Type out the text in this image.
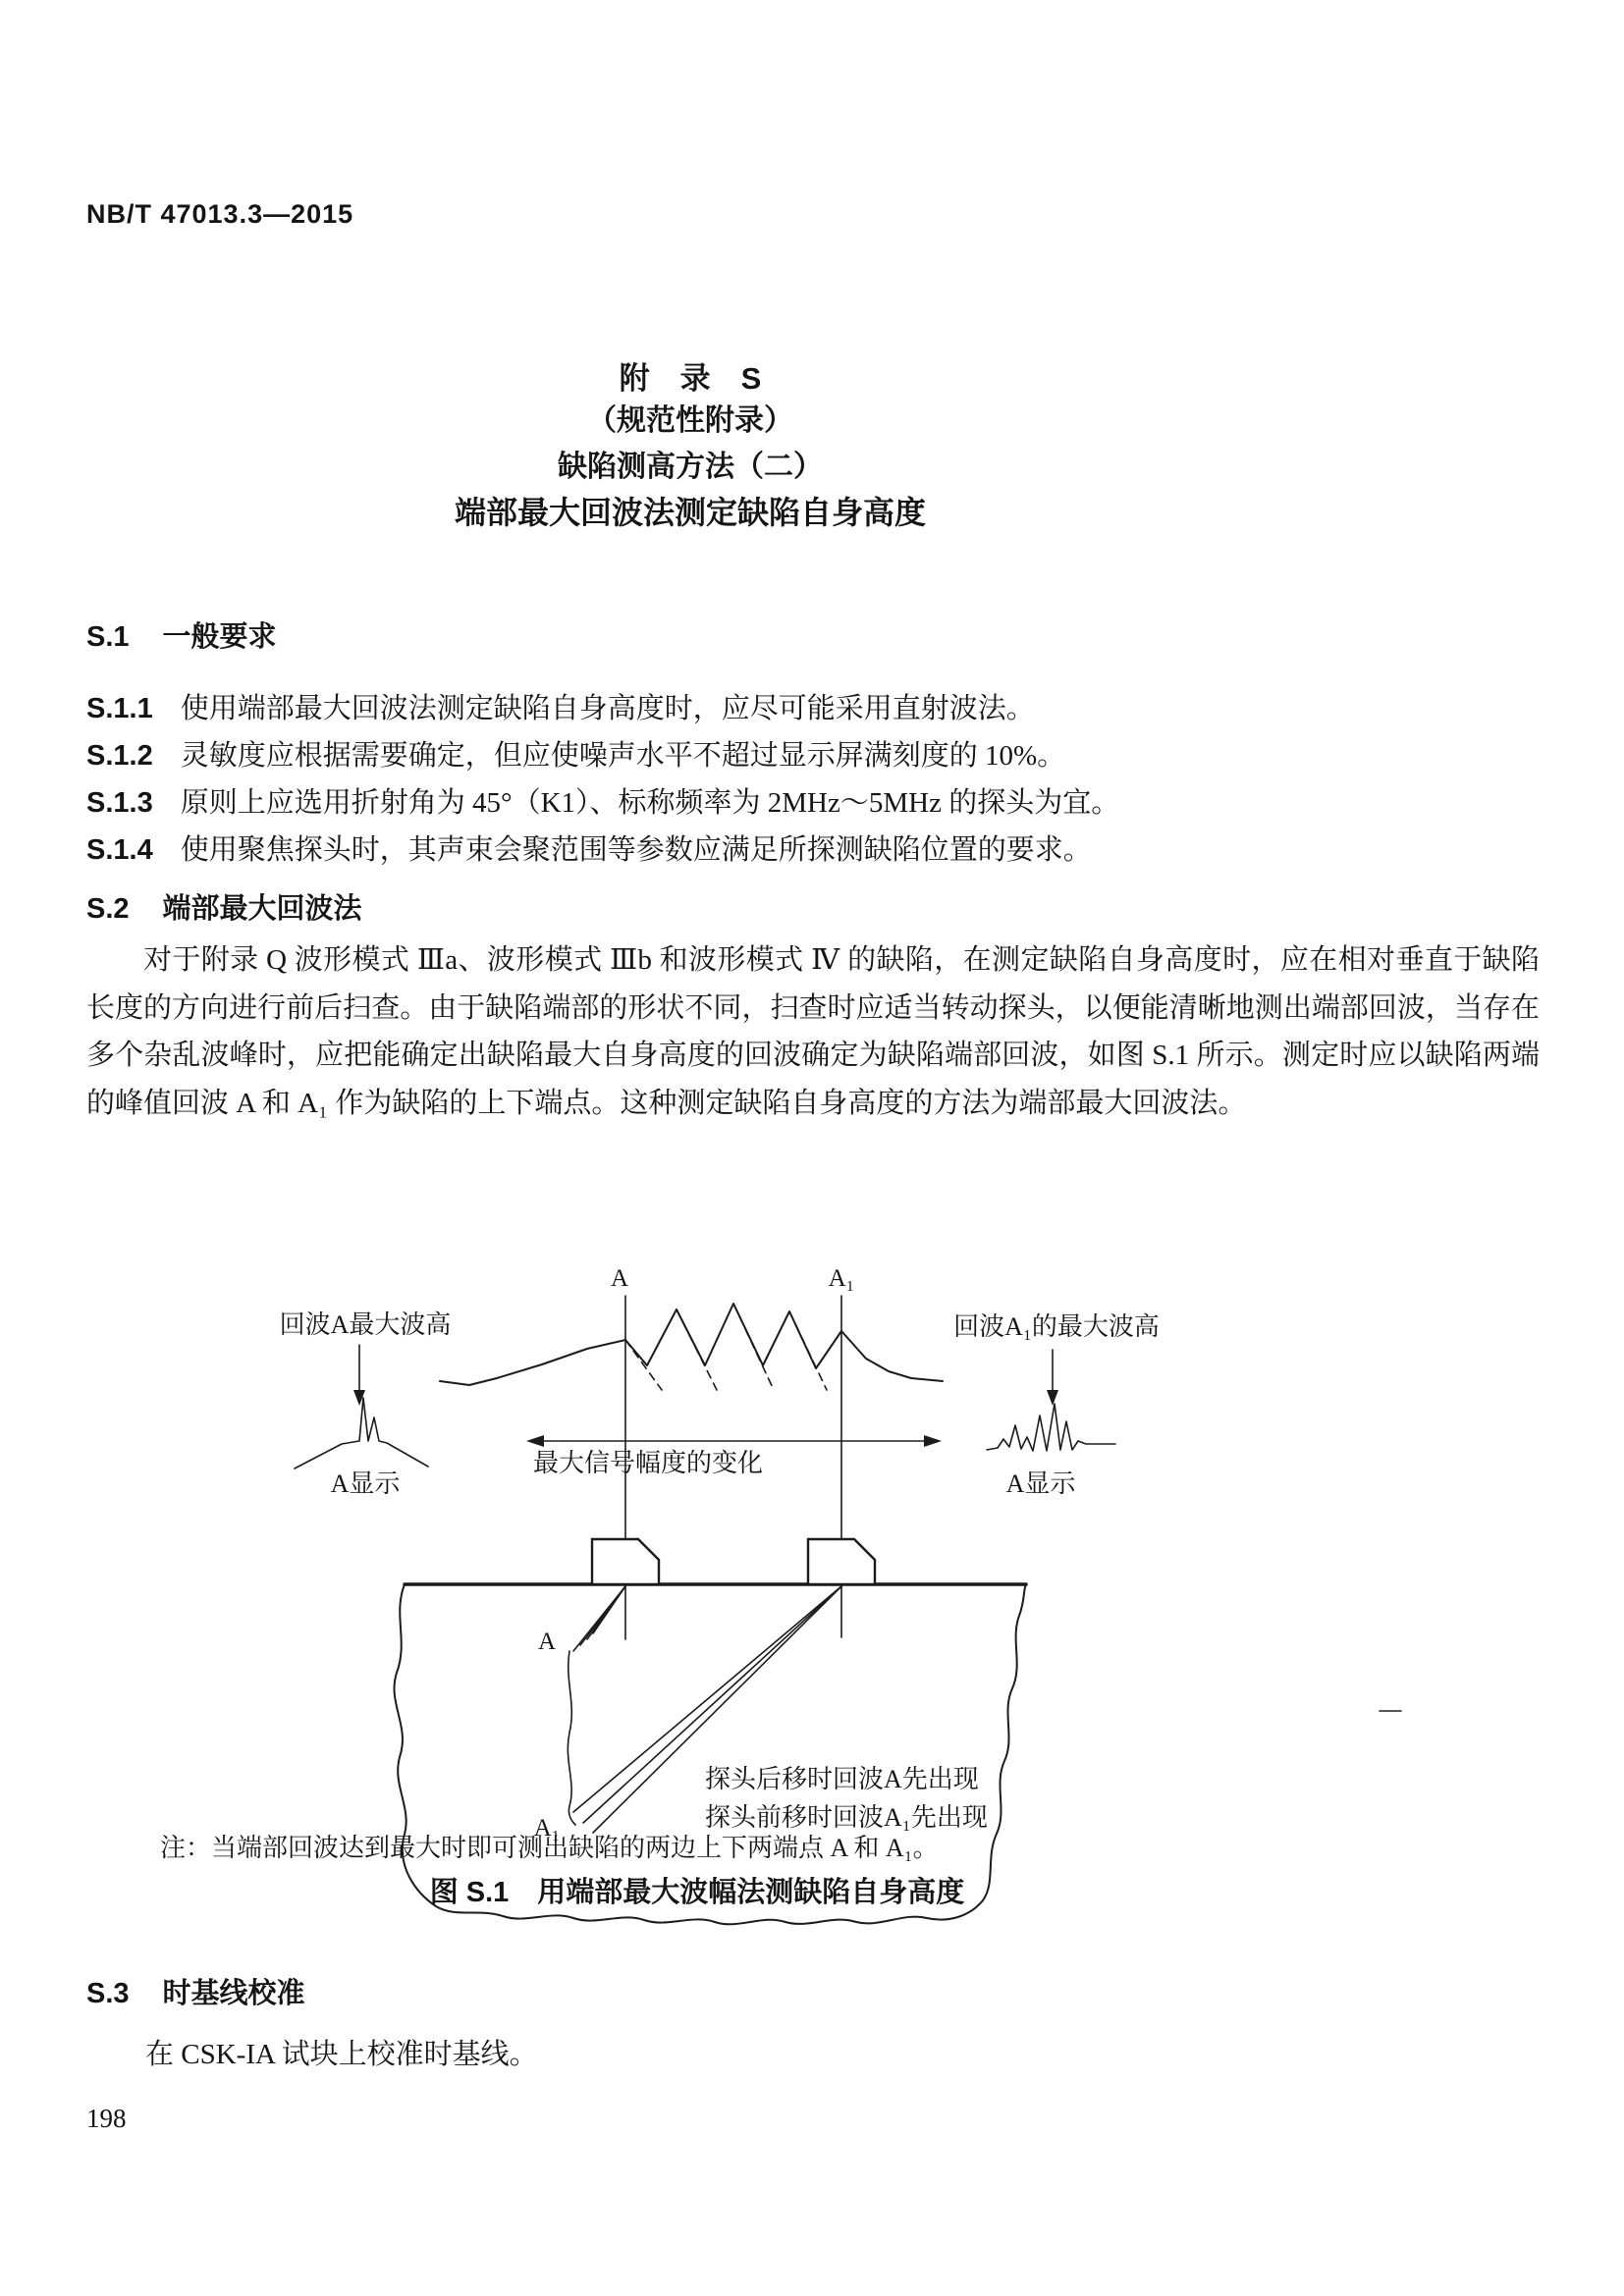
NB/T 47013.3—2015
附　录　S
（规范性附录）
缺陷测高方法（二）
端部最大回波法测定缺陷自身高度
S.1 一般要求
S.1.1 使用端部最大回波法测定缺陷自身高度时，应尽可能采用直射波法。
S.1.2 灵敏度应根据需要确定，但应使噪声水平不超过显示屏满刻度的 10%。
S.1.3 原则上应选用折射角为 45°（K1）、标称频率为 2MHz～5MHz 的探头为宜。
S.1.4 使用聚焦探头时，其声束会聚范围等参数应满足所探测缺陷位置的要求。
S.2 端部最大回波法
对于附录 Q 波形模式 Ⅲa、波形模式 Ⅲb 和波形模式 Ⅳ 的缺陷，在测定缺陷自身高度时，应在相对垂直于缺陷长度的方向进行前后扫查。由于缺陷端部的形状不同，扫查时应适当转动探头，以便能清晰地测出端部回波，当存在多个杂乱波峰时，应把能确定出缺陷最大自身高度的回波确定为缺陷端部回波，如图 S.1 所示。测定时应以缺陷两端的峰值回波 A 和 A₁ 作为缺陷的上下端点。这种测定缺陷自身高度的方法为端部最大回波法。
A	A₁
回波A最大波高
A显示
最大信号幅度的变化
回波A₁的最大波高
A显示
A
A₁
探头后移时回波A先出现
探头前移时回波A₁先出现
注：当端部回波达到最大时即可测出缺陷的两边上下两端点 A 和 A₁。
图 S.1　用端部最大波幅法测缺陷自身高度
S.3 时基线校准
在 CSK-IA 试块上校准时基线。
198
